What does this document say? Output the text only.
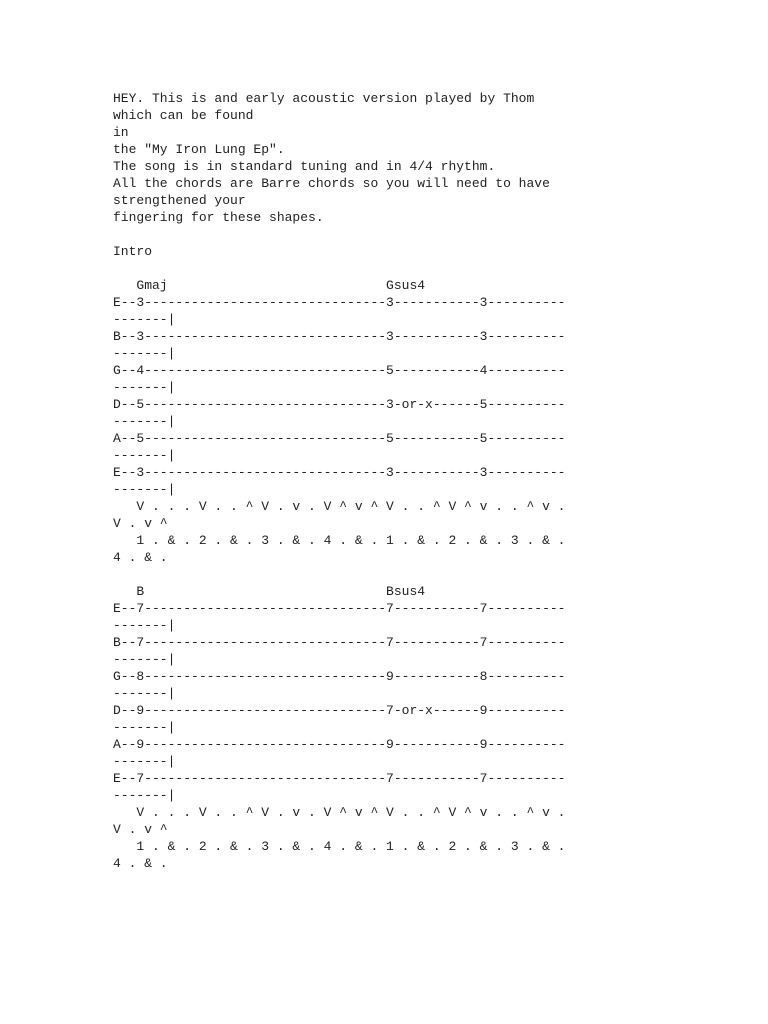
HEY. This is and early acoustic version played by Thom
which can be found
in
the "My Iron Lung Ep".
The song is in standard tuning and in 4/4 rhythm.
All the chords are Barre chords so you will need to have
strengthened your
fingering for these shapes.
Intro
Gmaj                            Gsus4
E--3-------------------------------3-----------3----------
-------|
B--3-------------------------------3-----------3----------
-------|
G--4-------------------------------5-----------4----------
-------|
D--5-------------------------------3-or-x------5----------
-------|
A--5-------------------------------5-----------5----------
-------|
E--3-------------------------------3-----------3----------
-------|
V . . . V . . ^ V . v . V ^ v ^ V . . ^ V ^ v . . ^ v .
V . v ^
1 . & . 2 . & . 3 . & . 4 . & . 1 . & . 2 . & . 3 . & .
4 . & .
B                               Bsus4
E--7-------------------------------7-----------7----------
-------|
B--7-------------------------------7-----------7----------
-------|
G--8-------------------------------9-----------8----------
-------|
D--9-------------------------------7-or-x------9----------
-------|
A--9-------------------------------9-----------9----------
-------|
E--7-------------------------------7-----------7----------
-------|
V . . . V . . ^ V . v . V ^ v ^ V . . ^ V ^ v . . ^ v .
V . v ^
1 . & . 2 . & . 3 . & . 4 . & . 1 . & . 2 . & . 3 . & .
4 . & .
